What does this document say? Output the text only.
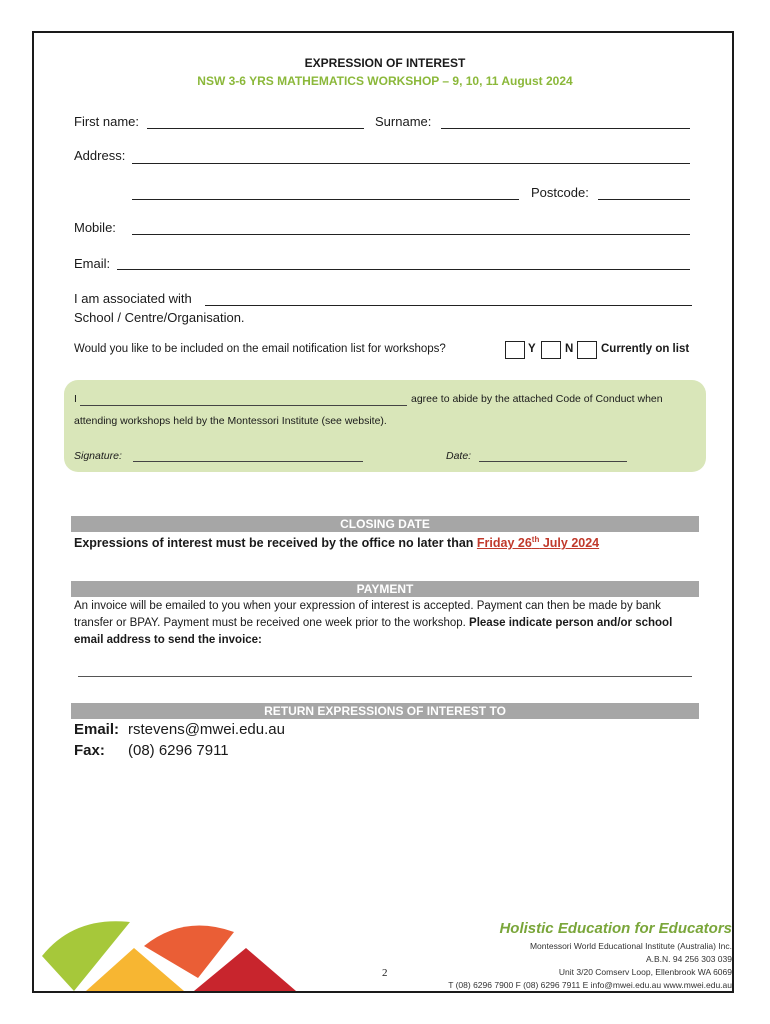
EXPRESSION OF INTEREST
NSW 3-6 YRS MATHEMATICS WORKSHOP – 9, 10, 11 August 2024
First name:	Surname:
Address:
Postcode:
Mobile:
Email:
I am associated with
School / Centre/Organisation.
Would you like to be included on the email notification list for workshops?	Y	N Currently on list
I	agree to abide by the attached Code of Conduct when
attending workshops held by the Montessori Institute (see website).
Signature:	Date:
CLOSING DATE
Expressions of interest must be received by the office no later than Friday 26th July 2024
PAYMENT
An invoice will be emailed to you when your expression of interest is accepted. Payment can then be made by bank transfer or BPAY. Payment must be received one week prior to the workshop. Please indicate person and/or school email address to send the invoice:
RETURN EXPRESSIONS OF INTEREST TO
Email: rstevens@mwei.edu.au
Fax: (08) 6296 7911
2
Holistic Education for Educators
Montessori World Educational Institute (Australia) Inc.
A.B.N. 94 256 303 039
Unit 3/20 Comserv Loop, Ellenbrook WA 6069
T (08) 6296 7900 F (08) 6296 7911 E info@mwei.edu.au www.mwei.edu.au
